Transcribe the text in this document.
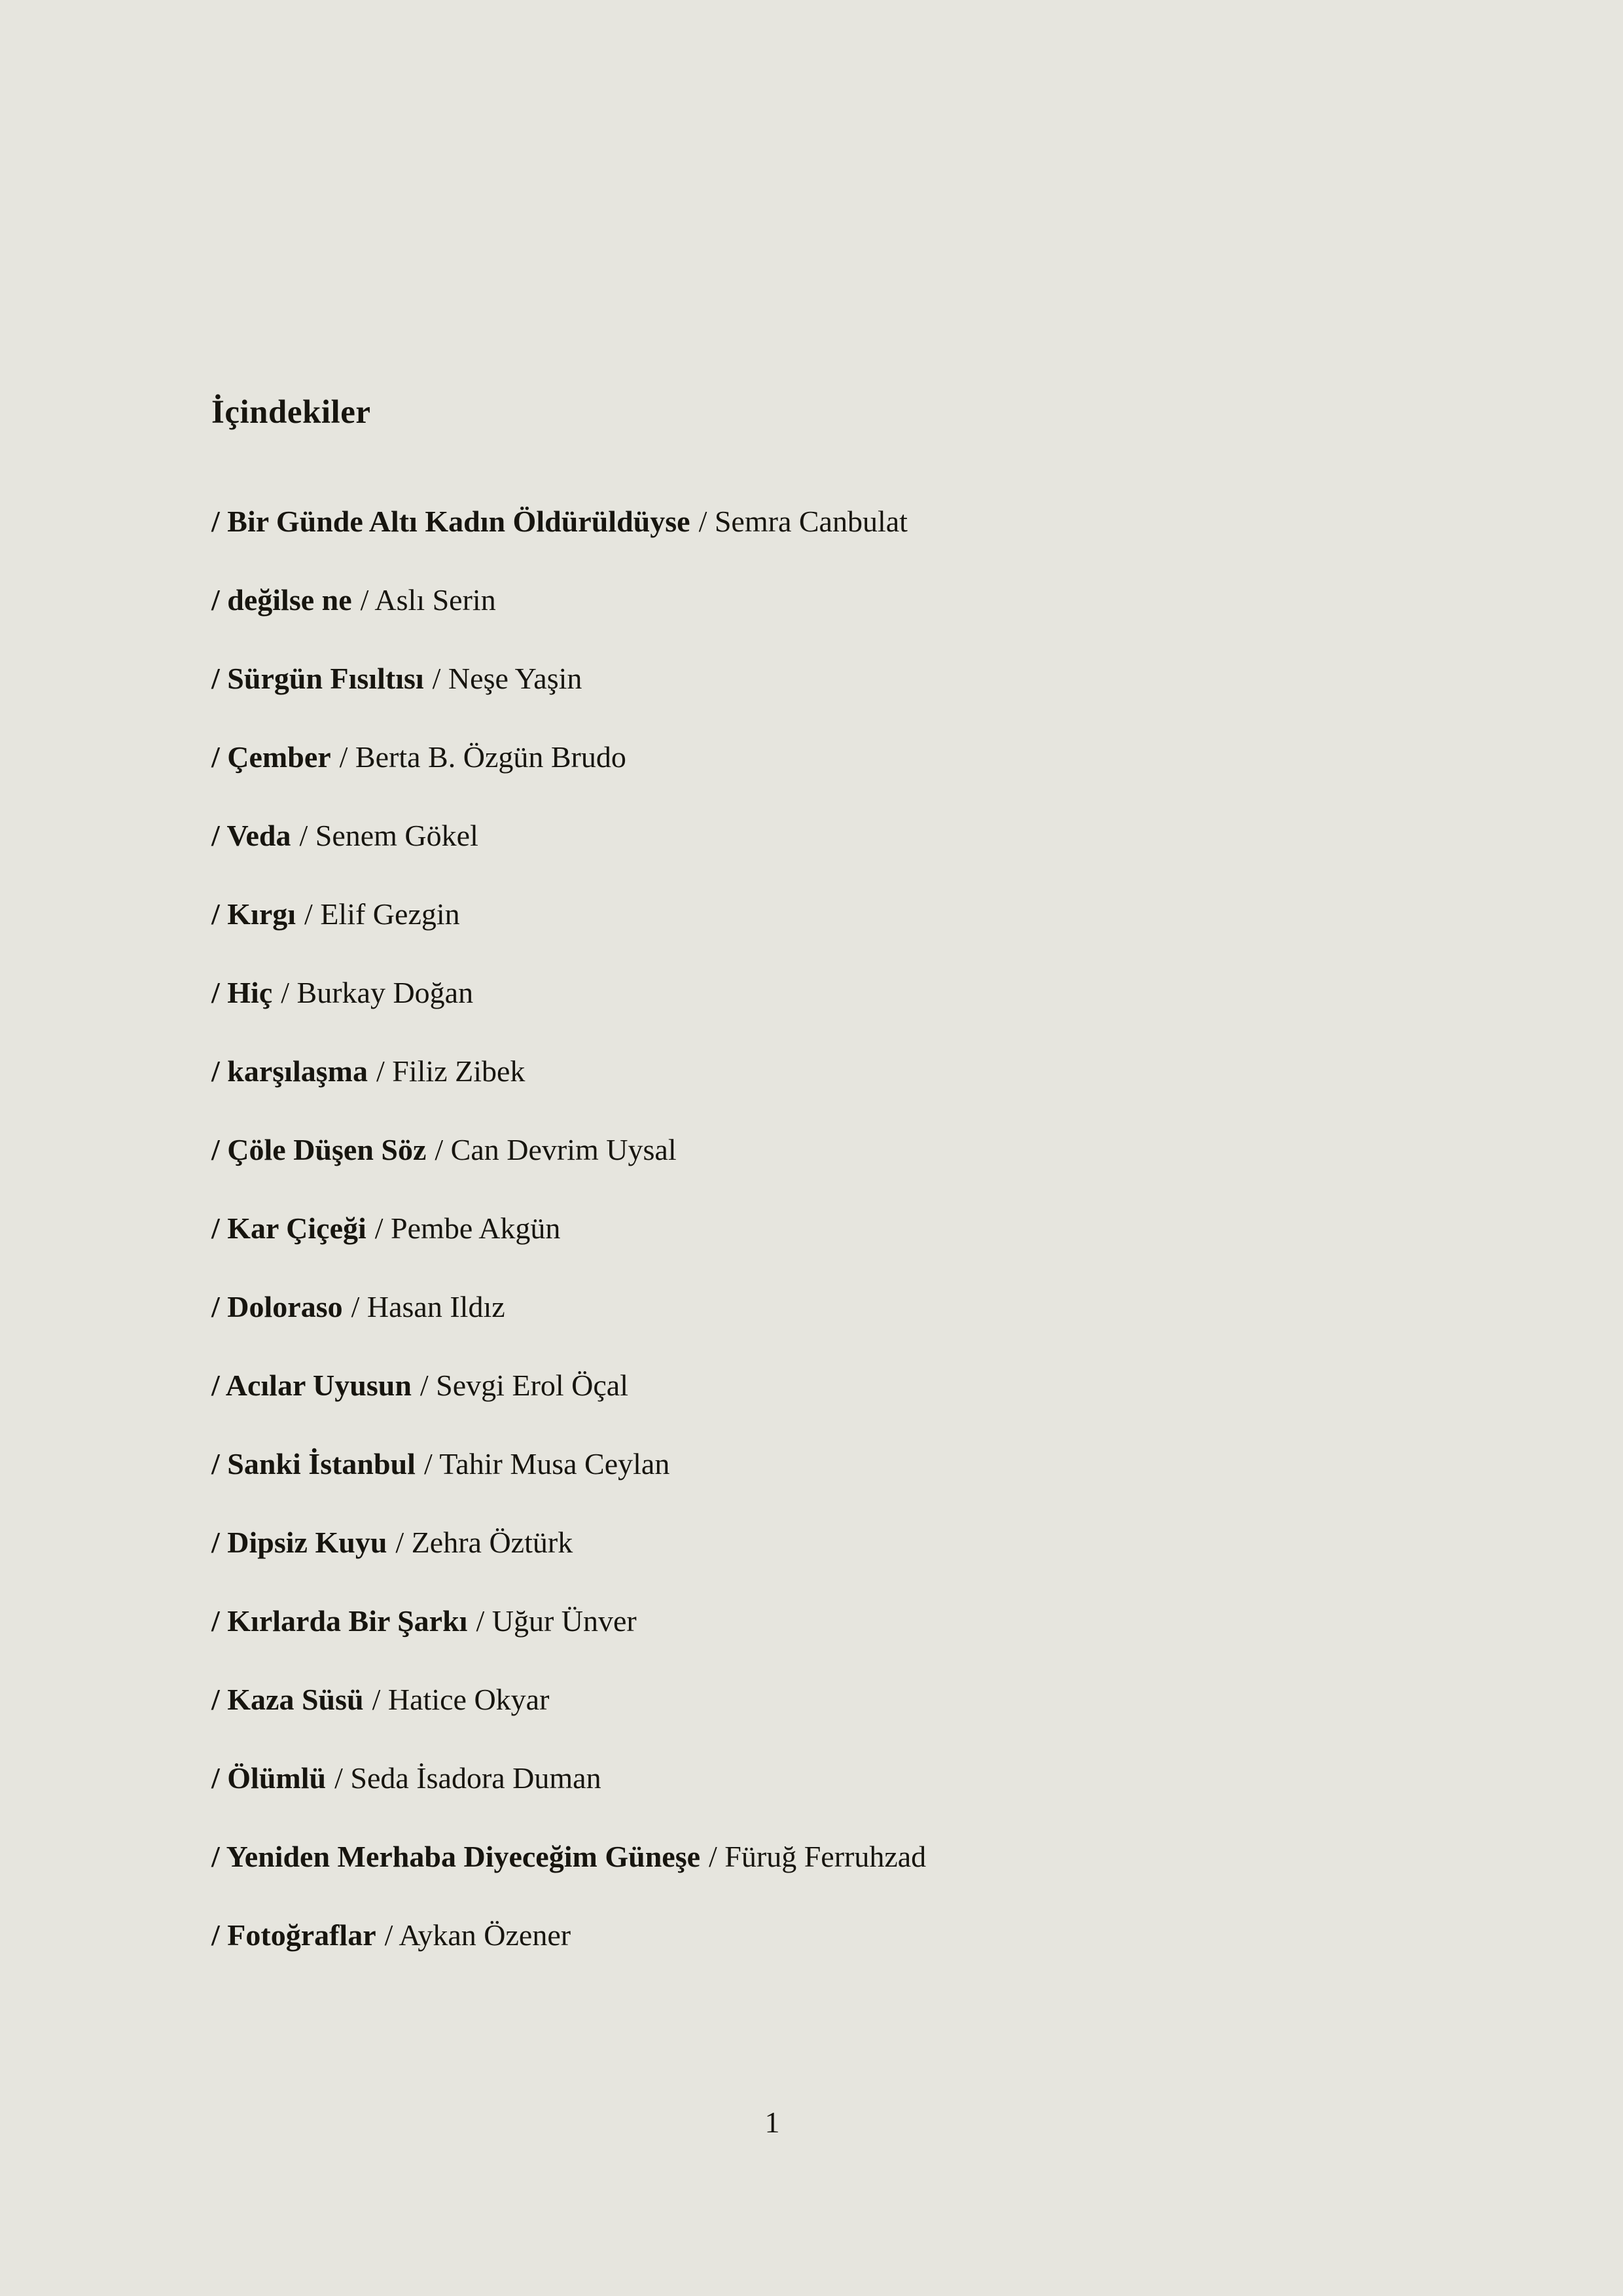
İçindekiler
/ Bir Günde Altı Kadın Öldürüldüyse / Semra Canbulat
/ değilse ne / Aslı Serin
/ Sürgün Fısıltısı / Neşe Yaşin
/ Çember / Berta B. Özgün Brudo
/ Veda / Senem Gökel
/ Kırgı / Elif Gezgin
/ Hiç / Burkay Doğan
/ karşılaşma / Filiz Zibek
/ Çöle Düşen Söz / Can Devrim Uysal
/ Kar Çiçeği / Pembe Akgün
/ Doloraso / Hasan Ildız
/ Acılar Uyusun / Sevgi Erol Öçal
/ Sanki İstanbul / Tahir Musa Ceylan
/ Dipsiz Kuyu / Zehra Öztürk
/ Kırlarda Bir Şarkı / Uğur Ünver
/ Kaza Süsü / Hatice Okyar
/ Ölümlü / Seda İsadora Duman
/ Yeniden Merhaba Diyeceğim Güneşe / Füruğ Ferruhzad
/ Fotoğraflar / Aykan Özener
1
